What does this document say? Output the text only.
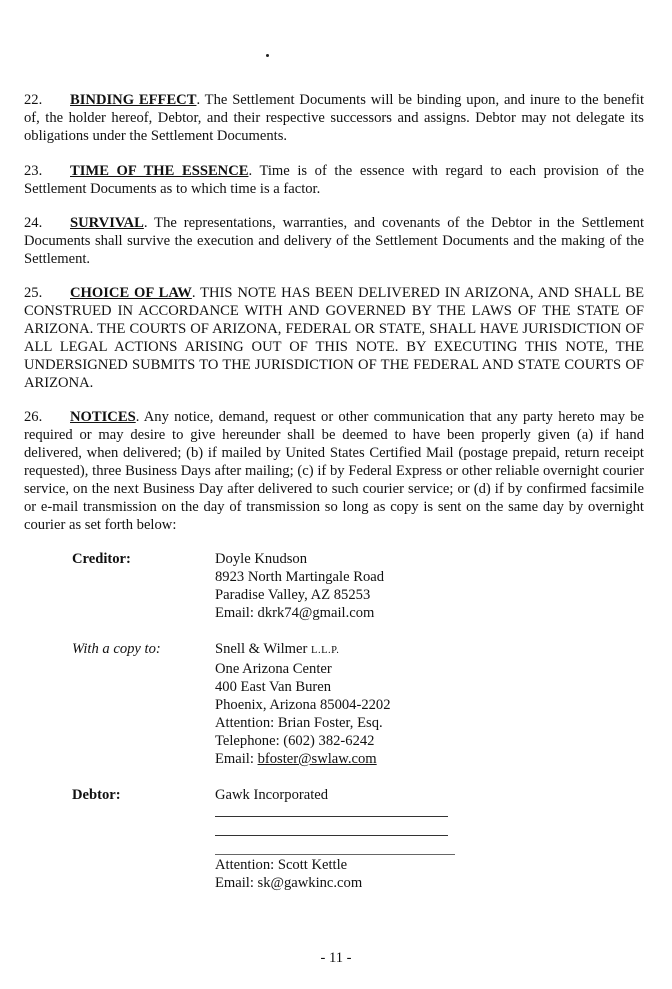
22. BINDING EFFECT. The Settlement Documents will be binding upon, and inure to the benefit of, the holder hereof, Debtor, and their respective successors and assigns. Debtor may not delegate its obligations under the Settlement Documents.

23. TIME OF THE ESSENCE. Time is of the essence with regard to each provision of the Settlement Documents as to which time is a factor.

24. SURVIVAL. The representations, warranties, and covenants of the Debtor in the Settlement Documents shall survive the execution and delivery of the Settlement Documents and the making of the Settlement.

25. CHOICE OF LAW. THIS NOTE HAS BEEN DELIVERED IN ARIZONA, AND SHALL BE CONSTRUED IN ACCORDANCE WITH AND GOVERNED BY THE LAWS OF THE STATE OF ARIZONA. THE COURTS OF ARIZONA, FEDERAL OR STATE, SHALL HAVE JURISDICTION OF ALL LEGAL ACTIONS ARISING OUT OF THIS NOTE. BY EXECUTING THIS NOTE, THE UNDERSIGNED SUBMITS TO THE JURISDICTION OF THE FEDERAL AND STATE COURTS OF ARIZONA.

26. NOTICES. Any notice, demand, request or other communication that any party hereto may be required or may desire to give hereunder shall be deemed to have been properly given (a) if hand delivered, when delivered; (b) if mailed by United States Certified Mail (postage prepaid, return receipt requested), three Business Days after mailing; (c) if by Federal Express or other reliable overnight courier service, on the next Business Day after delivered to such courier service; or (d) if by confirmed facsimile or e-mail transmission on the day of transmission so long as copy is sent on the same day by overnight courier as set forth below:

Creditor:	Doyle Knudson
8923 North Martingale Road
Paradise Valley, AZ 85253
Email: dkrk74@gmail.com
With a copy to:	Snell & Wilmer L.L.P.
One Arizona Center
400 East Van Buren
Phoenix, Arizona 85004-2202
Attention: Brian Foster, Esq.
Telephone: (602) 382-6242
Email: bfoster@swlaw.com
Debtor:	Gawk Incorporated
Attention: Scott Kettle
Email: sk@gawkinc.com
- 11 -
